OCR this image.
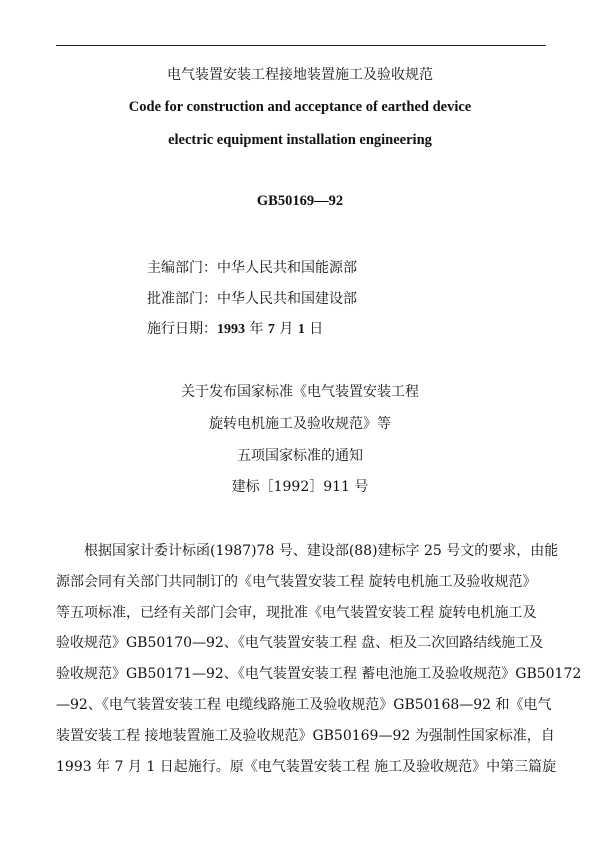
电气装置安装工程接地装置施工及验收规范
Code for construction and acceptance of earthed device
electric equipment installation engineering
GB50169—92
主编部门：中华人民共和国能源部
批准部门：中华人民共和国建设部
施行日期：1993 年 7 月 1 日
关于发布国家标准《电气装置安装工程
旋转电机施工及验收规范》等
五项国家标准的通知
建标［1992］911 号
根据国家计委计标函(1987)78 号、建设部(88)建标字 25 号文的要求，由能
源部会同有关部门共同制订的《电气装置安装工程 旋转电机施工及验收规范》
等五项标准，已经有关部门会审，现批准《电气装置安装工程 旋转电机施工及
验收规范》GB50170—92、《电气装置安装工程 盘、柜及二次回路结线施工及
验收规范》GB50171—92、《电气装置安装工程 蓄电池施工及验收规范》GB50172
—92、《电气装置安装工程 电缆线路施工及验收规范》GB50168—92 和《电气
装置安装工程 接地装置施工及验收规范》GB50169—92 为强制性国家标准，自
1993 年 7 月 1 日起施行。原《电气装置安装工程 施工及验收规范》中第三篇旋
